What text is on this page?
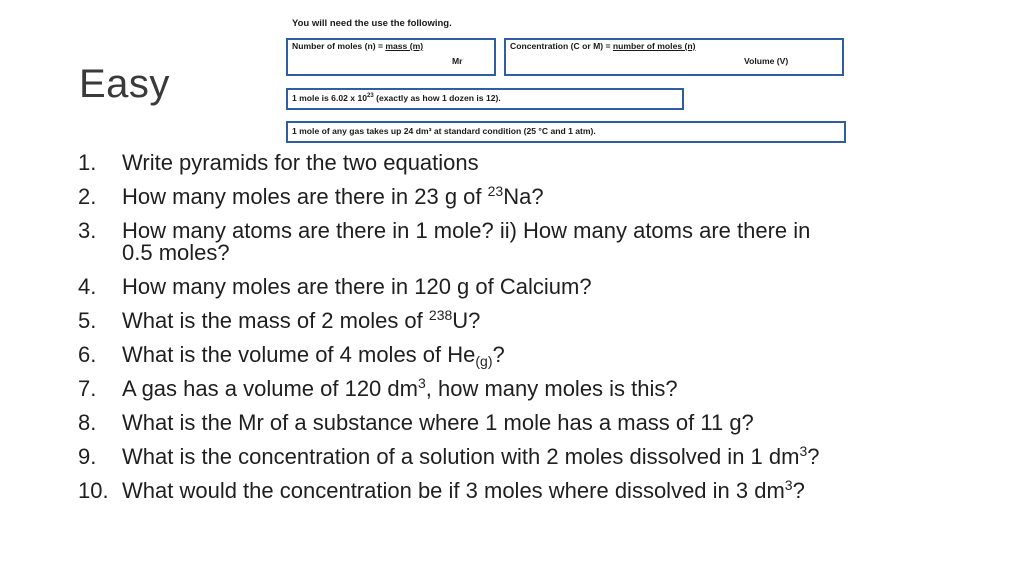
Easy
You will need the use the following.
Number of moles (n) = mass (m)
Mr
Concentration (C or M) = number of moles (n)
Volume (V)
1 mole is 6.02 x $10^{23}$ (exactly as how 1 dozen is 12).
1 mole of any gas takes up 24 dm³ at standard condition (25 °C and 1 atm).
1. Write pyramids for the two equations
2. How many moles are there in 23 g of $^{23}$Na?
3. How many atoms are there in 1 mole? ii) How many atoms are there in
0.5 moles?
4. How many moles are there in 120 g of Calcium?
5. What is the mass of 2 moles of $^{238}$U?
6. What is the volume of 4 moles of $He_{(g)}$?
7. A gas has a volume of 120 $dm^3$, how many moles is this?
8. What is the Mr of a substance where 1 mole has a mass of 11 g?
9. What is the concentration of a solution with 2 moles dissolved in 1 $dm^3$?
10. What would the concentration be if 3 moles where dissolved in 3 $dm^3$?
